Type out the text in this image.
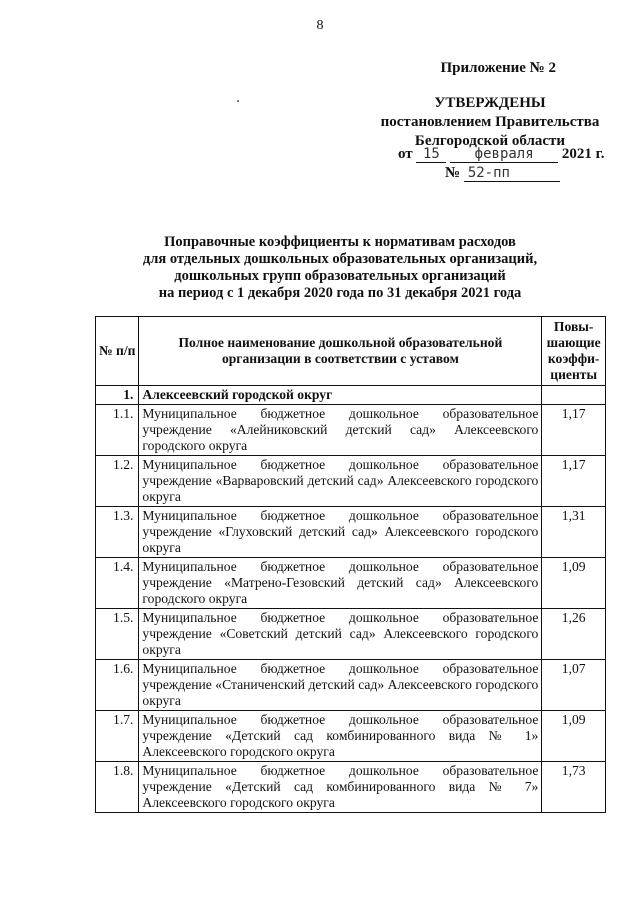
8
Приложение № 2
УТВЕРЖДЕНЫ
постановлением Правительства
Белгородской области
от 15 февраля 2021 г.
№ 52-пп
Поправочные коэффициенты к нормативам расходов
для отдельных дошкольных образовательных организаций,
дошкольных групп образовательных организаций
на период с 1 декабря 2020 года по 31 декабря 2021 года
№ п/п	Полное наименование дошкольной образовательной организации в соответствии с уставом	Повы-шающие коэффи-циенты
1.	Алексеевский городской округ	
1.1.	Муниципальное бюджетное дошкольное образовательное учреждение «Алейниковский детский сад» Алексеевского городского округа	1,17
1.2.	Муниципальное бюджетное дошкольное образовательное учреждение «Варваровский детский сад» Алексеевского городского округа	1,17
1.3.	Муниципальное бюджетное дошкольное образовательное учреждение «Глуховский детский сад» Алексеевского городского округа	1,31
1.4.	Муниципальное бюджетное дошкольное образовательное учреждение «Матрено-Гезовский детский сад» Алексеевского городского округа	1,09
1.5.	Муниципальное бюджетное дошкольное образовательное учреждение «Советский детский сад» Алексеевского городского округа	1,26
1.6.	Муниципальное бюджетное дошкольное образовательное учреждение «Станиченский детский сад» Алексеевского городского округа	1,07
1.7.	Муниципальное бюджетное дошкольное образовательное учреждение «Детский сад комбинированного вида № 1» Алексеевского городского округа	1,09
1.8.	Муниципальное бюджетное дошкольное образовательное учреждение «Детский сад комбинированного вида № 7» Алексеевского городского округа	1,73
